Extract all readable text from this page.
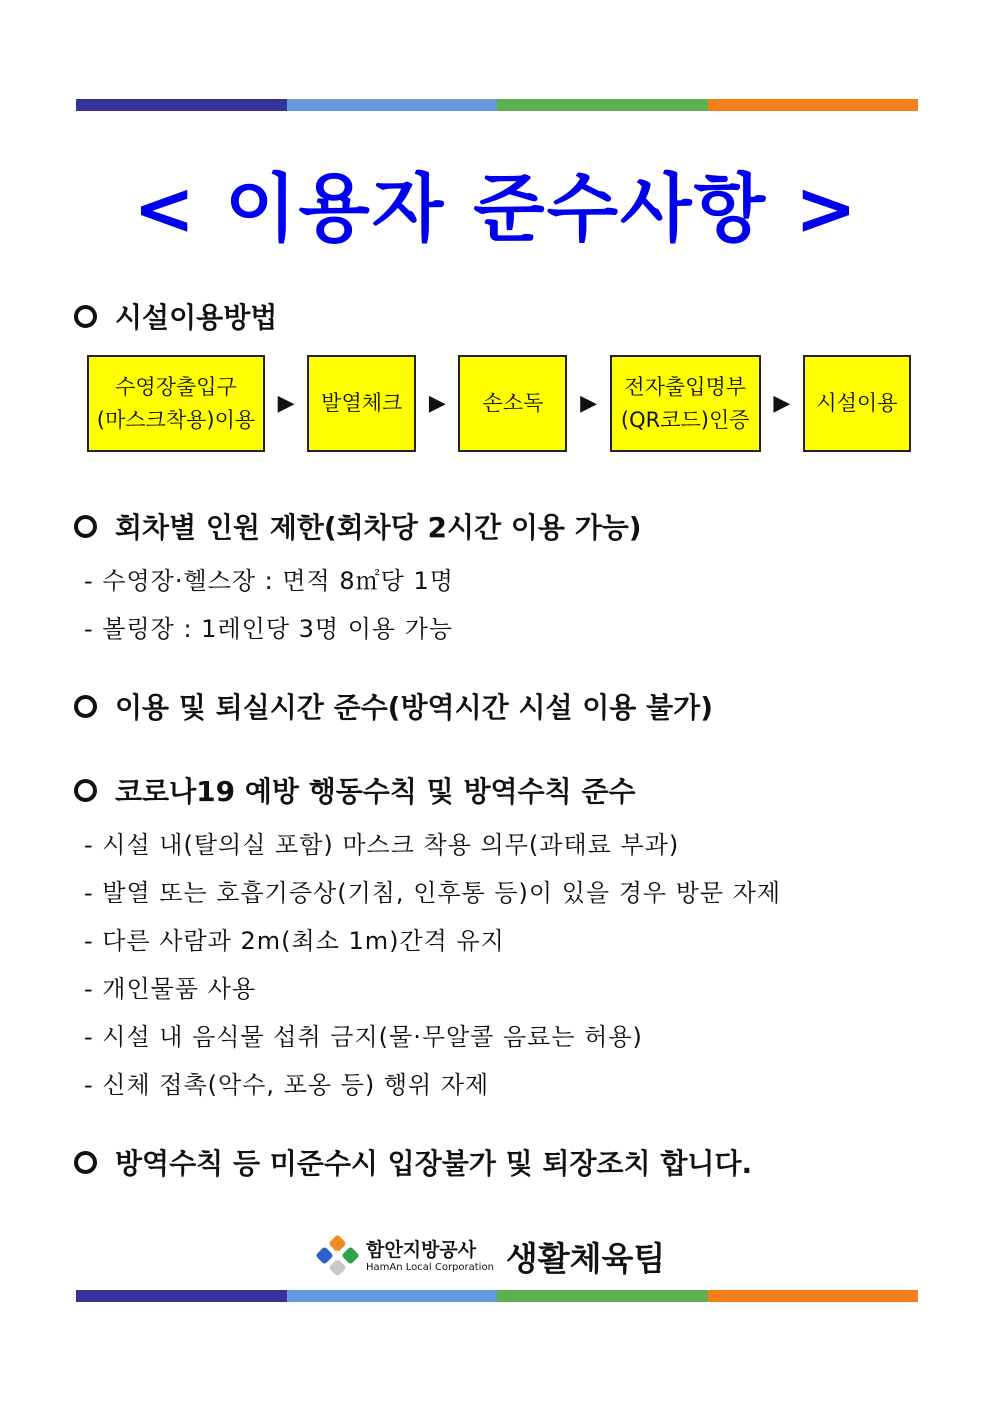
< 이용자 준수사항 >
시설이용방법
수영장출입구
(마스크착용)이용
▶ 발열체크 ▶ 손소독 ▶
전자출입명부
(QR코드)인증
▶ 시설이용
회차별 인원 제한(회차당 2시간 이용 가능)
- 수영장·헬스장 : 면적 8㎡당 1명
- 볼링장 : 1레인당 3명 이용 가능
이용 및 퇴실시간 준수(방역시간 시설 이용 불가)
코로나19 예방 행동수칙 및 방역수칙 준수
- 시설 내(탈의실 포함) 마스크 착용 의무(과태료 부과)
- 발열 또는 호흡기증상(기침, 인후통 등)이 있을 경우 방문 자제
- 다른 사람과 2m(최소 1m)간격 유지
- 개인물품 사용
- 시설 내 음식물 섭취 금지(물·무알콜 음료는 허용)
- 신체 접촉(악수, 포옹 등) 행위 자제
방역수칙 등 미준수시 입장불가 및 퇴장조치 합니다.
함안지방공사
HamAn Local Corporation 생활체육팀
